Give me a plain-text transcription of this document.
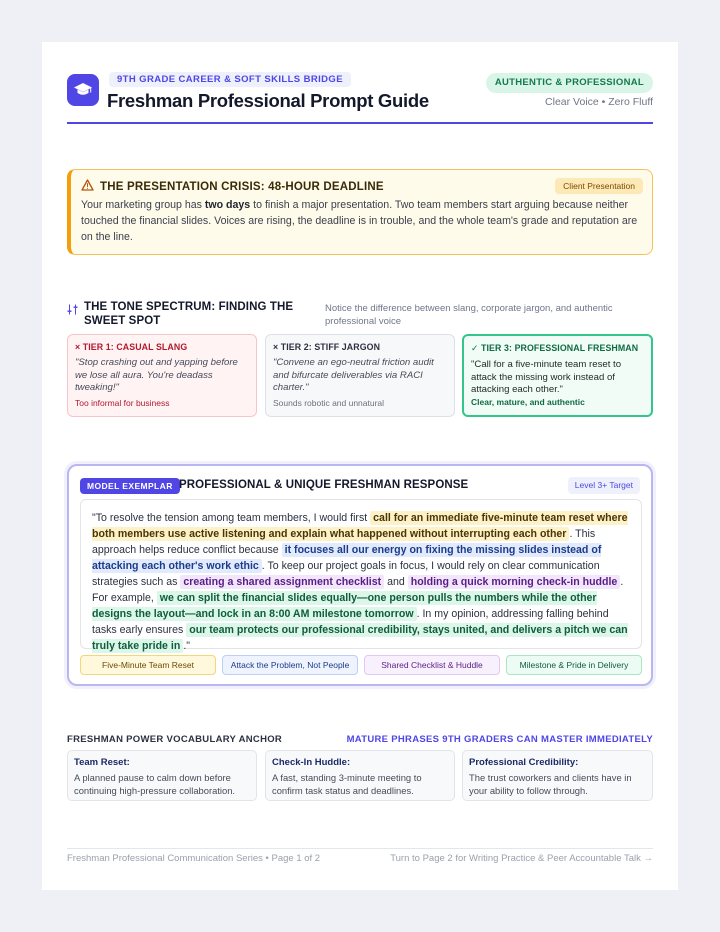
9TH GRADE CAREER & SOFT SKILLS BRIDGE
Freshman Professional Prompt Guide
AUTHENTIC & PROFESSIONAL
Clear Voice • Zero Fluff
THE PRESENTATION CRISIS: 48-HOUR DEADLINE	Client Presentation
Your marketing group has two days to finish a major presentation. Two team members start arguing because neither touched the financial slides. Voices are rising, the deadline is in trouble, and the whole team's grade and reputation are on the line.
THE TONE SPECTRUM: FINDING THE SWEET SPOT
Notice the difference between slang, corporate jargon, and authentic professional voice
× TIER 1: CASUAL SLANG
"Stop crashing out and yapping before we lose all aura. You're deadass tweaking!"
Too informal for business
× TIER 2: STIFF JARGON
"Convene an ego-neutral friction audit and bifurcate deliverables via RACI charter."
Sounds robotic and unnatural
✓ TIER 3: PROFESSIONAL FRESHMAN
"Call for a five-minute team reset to attack the missing work instead of attacking each other."
Clear, mature, and authentic
MODEL EXEMPLAR PROFESSIONAL & UNIQUE FRESHMAN RESPONSE	Level 3+ Target
"To resolve the tension among team members, I would first call for an immediate five-minute team reset where both members use active listening and explain what happened without interrupting each other . This approach helps reduce conflict because it focuses all our energy on fixing the missing slides instead of attacking each other's work ethic . To keep our project goals in focus, I would rely on clear communication strategies such as creating a shared assignment checklist and holding a quick morning check-in huddle . For example, we can split the financial slides equally—one person pulls the numbers while the other designs the layout—and lock in an 8:00 AM milestone tomorrow . In my opinion, addressing falling behind tasks early ensures our team protects our professional credibility, stays united, and delivers a pitch we can truly take pride in ."
Five-Minute Team Reset	Attack the Problem, Not People	Shared Checklist & Huddle	Milestone & Pride in Delivery
FRESHMAN POWER VOCABULARY ANCHOR	MATURE PHRASES 9TH GRADERS CAN MASTER IMMEDIATELY
Team Reset:
A planned pause to calm down before continuing high-pressure collaboration.
Check-In Huddle:
A fast, standing 3-minute meeting to confirm task status and deadlines.
Professional Credibility:
The trust coworkers and clients have in your ability to follow through.
Freshman Professional Communication Series • Page 1 of 2	Turn to Page 2 for Writing Practice & Peer Accountable Talk →
